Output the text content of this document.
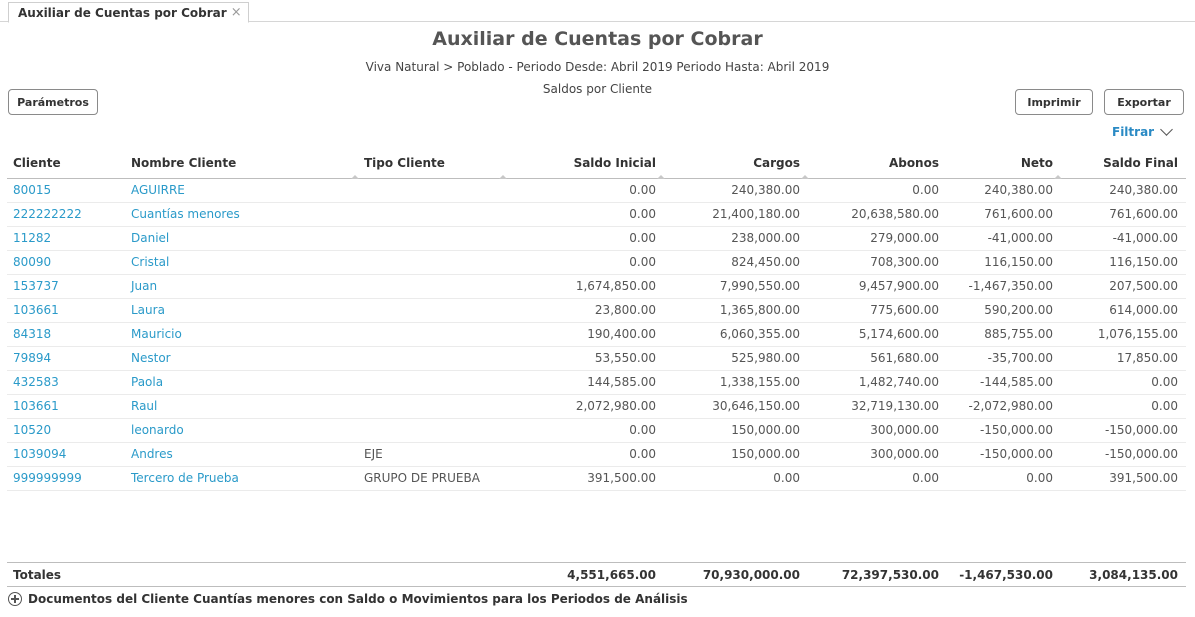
Auxiliar de Cuentas por Cobrar ×
Auxiliar de Cuentas por Cobrar
Viva Natural > Poblado - Periodo Desde: Abril 2019 Periodo Hasta: Abril 2019
Saldos por Cliente
Parámetros	Imprimir	Exportar
Filtrar
Cliente	Nombre Cliente	Tipo Cliente	Saldo Inicial	Cargos	Abonos	Neto	Saldo Final
80015	AGUIRRE		0.00	240,380.00	0.00	240,380.00	240,380.00
222222222	Cuantías menores		0.00	21,400,180.00	20,638,580.00	761,600.00	761,600.00
11282	Daniel		0.00	238,000.00	279,000.00	-41,000.00	-41,000.00
80090	Cristal		0.00	824,450.00	708,300.00	116,150.00	116,150.00
153737	Juan		1,674,850.00	7,990,550.00	9,457,900.00	-1,467,350.00	207,500.00
103661	Laura		23,800.00	1,365,800.00	775,600.00	590,200.00	614,000.00
84318	Mauricio		190,400.00	6,060,355.00	5,174,600.00	885,755.00	1,076,155.00
79894	Nestor		53,550.00	525,980.00	561,680.00	-35,700.00	17,850.00
432583	Paola		144,585.00	1,338,155.00	1,482,740.00	-144,585.00	0.00
103661	Raul		2,072,980.00	30,646,150.00	32,719,130.00	-2,072,980.00	0.00
10520	leonardo		0.00	150,000.00	300,000.00	-150,000.00	-150,000.00
1039094	Andres	EJE	0.00	150,000.00	300,000.00	-150,000.00	-150,000.00
999999999	Tercero de Prueba	GRUPO DE PRUEBA	391,500.00	0.00	0.00	0.00	391,500.00
Totales			4,551,665.00	70,930,000.00	72,397,530.00	-1,467,530.00	3,084,135.00
Documentos del Cliente Cuantías menores con Saldo o Movimientos para los Periodos de Análisis
